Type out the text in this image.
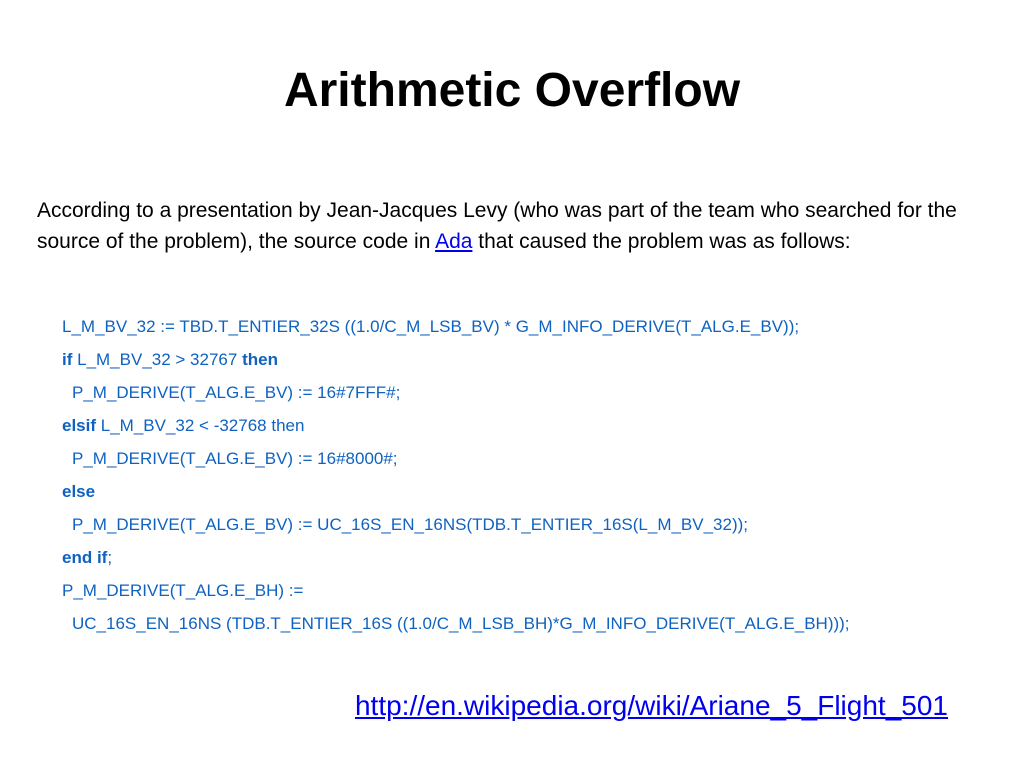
Arithmetic Overflow

According to a presentation by Jean-Jacques Levy (who was part of the team who searched for the source of the problem), the source code in Ada that caused the problem was as follows:

L_M_BV_32 := TBD.T_ENTIER_32S ((1.0/C_M_LSB_BV) * G_M_INFO_DERIVE(T_ALG.E_BV));
if L_M_BV_32 > 32767 then
P_M_DERIVE(T_ALG.E_BV) := 16#7FFF#;
elsif L_M_BV_32 < -32768 then
P_M_DERIVE(T_ALG.E_BV) := 16#8000#;
else
P_M_DERIVE(T_ALG.E_BV) := UC_16S_EN_16NS(TDB.T_ENTIER_16S(L_M_BV_32));
end if;
P_M_DERIVE(T_ALG.E_BH) :=
UC_16S_EN_16NS (TDB.T_ENTIER_16S ((1.0/C_M_LSB_BH)*G_M_INFO_DERIVE(T_ALG.E_BH)));
http://en.wikipedia.org/wiki/Ariane_5_Flight_501
